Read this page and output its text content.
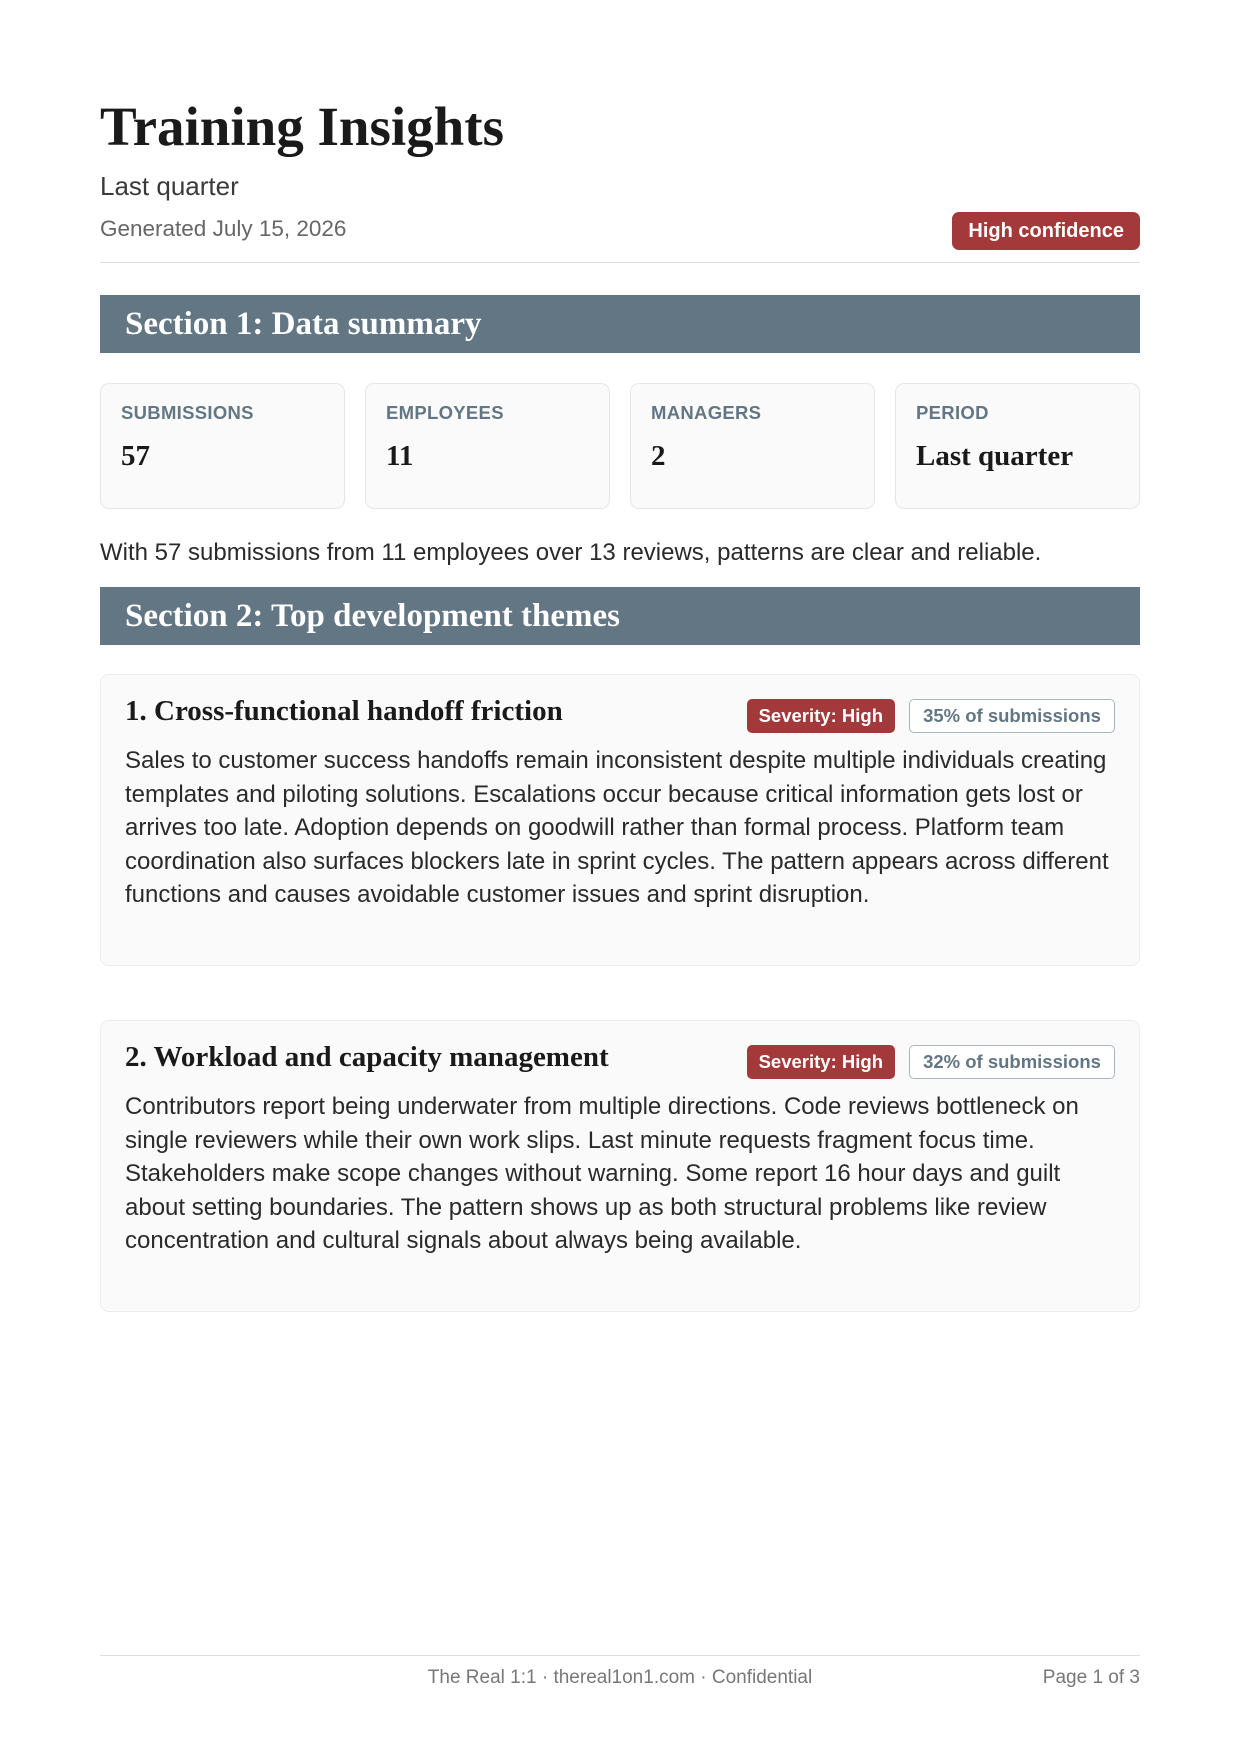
Training Insights
Last quarter
Generated July 15, 2026	High confidence
Section 1: Data summary
SUBMISSIONS
57
EMPLOYEES
11
MANAGERS
2
PERIOD
Last quarter
With 57 submissions from 11 employees over 13 reviews, patterns are clear and reliable.
Section 2: Top development themes
1. Cross-functional handoff friction	Severity: High	35% of submissions

Sales to customer success handoffs remain inconsistent despite multiple individuals creating templates and piloting solutions. Escalations occur because critical information gets lost or arrives too late. Adoption depends on goodwill rather than formal process. Platform team coordination also surfaces blockers late in sprint cycles. The pattern appears across different functions and causes avoidable customer issues and sprint disruption.

2. Workload and capacity management	Severity: High	32% of submissions

Contributors report being underwater from multiple directions. Code reviews bottleneck on single reviewers while their own work slips. Last minute requests fragment focus time. Stakeholders make scope changes without warning. Some report 16 hour days and guilt about setting boundaries. The pattern shows up as both structural problems like review concentration and cultural signals about always being available.

The Real 1:1 · thereal1on1.com · Confidential	Page 1 of 3
